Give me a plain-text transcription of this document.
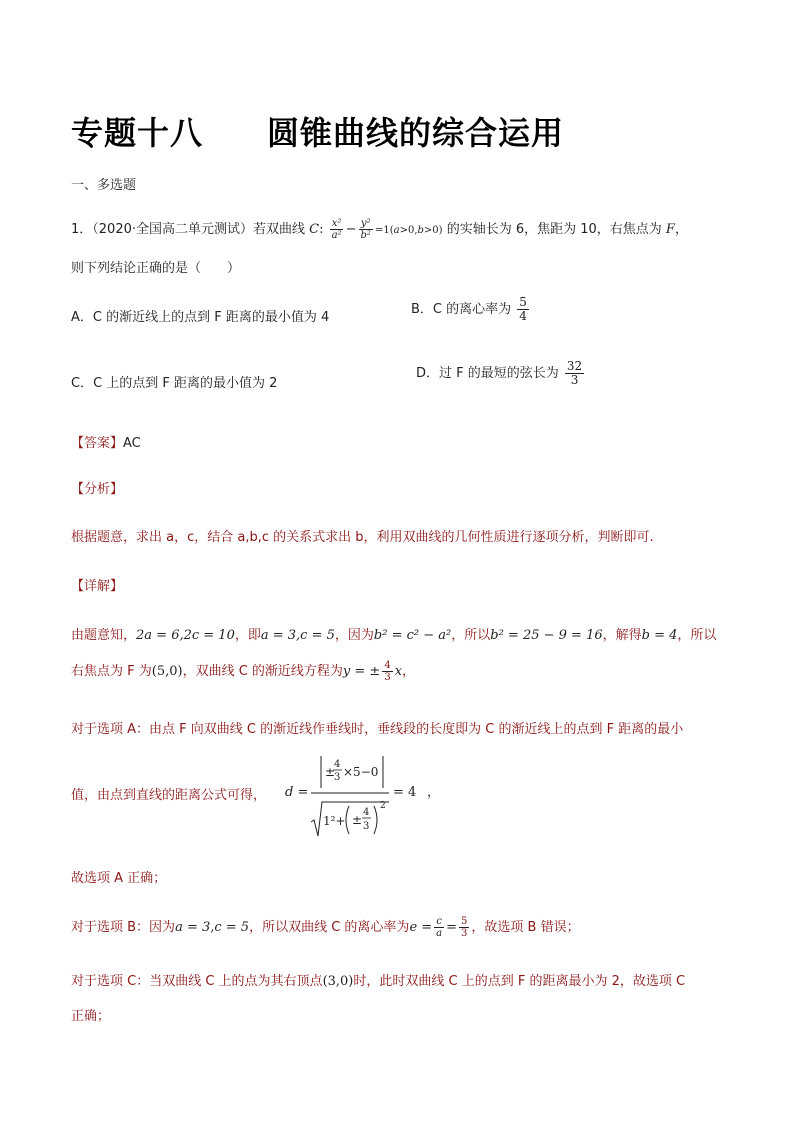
专题十八 圆锥曲线的综合运用
一、多选题
1．（2020·全国高二单元测试）若双曲线 C: $\frac{\text{x²}}{\text{a²}} - \frac{\text{y²}}{\text{b²}} =1(a>0,b>0)$ 的实轴长为 6，焦距为 10，右焦点为 F，
则下列结论正确的是（　　）
A．C 的渐近线上的点到 F 距离的最小值为 4
B．C 的离心率为 $\frac{5}{4}$
C．C 上的点到 F 距离的最小值为 2
D．过 F 的最短的弦长为 $\frac{32}{3}$
【答案】AC
【分析】
根据题意，求出 a，c，结合 a,b,c 的关系式求出 b，利用双曲线的几何性质进行逐项分析，判断即可.
【详解】
由题意知，2a = 6,2c = 10，即a = 3,c = 5，因为b² = c² − a²，所以b² = 25 − 9 = 16，解得b = 4，所以
右焦点为 F 为(5,0)，双曲线 C 的渐近线方程为y = ± $\frac{4}{3}$ x，
对于选项 A：由点 F 向双曲线 C 的渐近线作垂线时，垂线段的长度即为 C 的渐近线上的点到 F 距离的最小
值，由点到直线的距离公式可得， d =
±
4
3 ×5−0
1²+ ±
4
3
2
= 4 ，
故选项 A 正确；
对于选项 B：因为a = 3,c = 5，所以双曲线 C 的离心率为$e = \frac{c}{a} = \frac{5}{3}$ ，故选项 B 错误；
对于选项 C：当双曲线 C 上的点为其右顶点(3,0)时，此时双曲线 C 上的点到 F 的距离最小为 2，故选项 C
正确；
